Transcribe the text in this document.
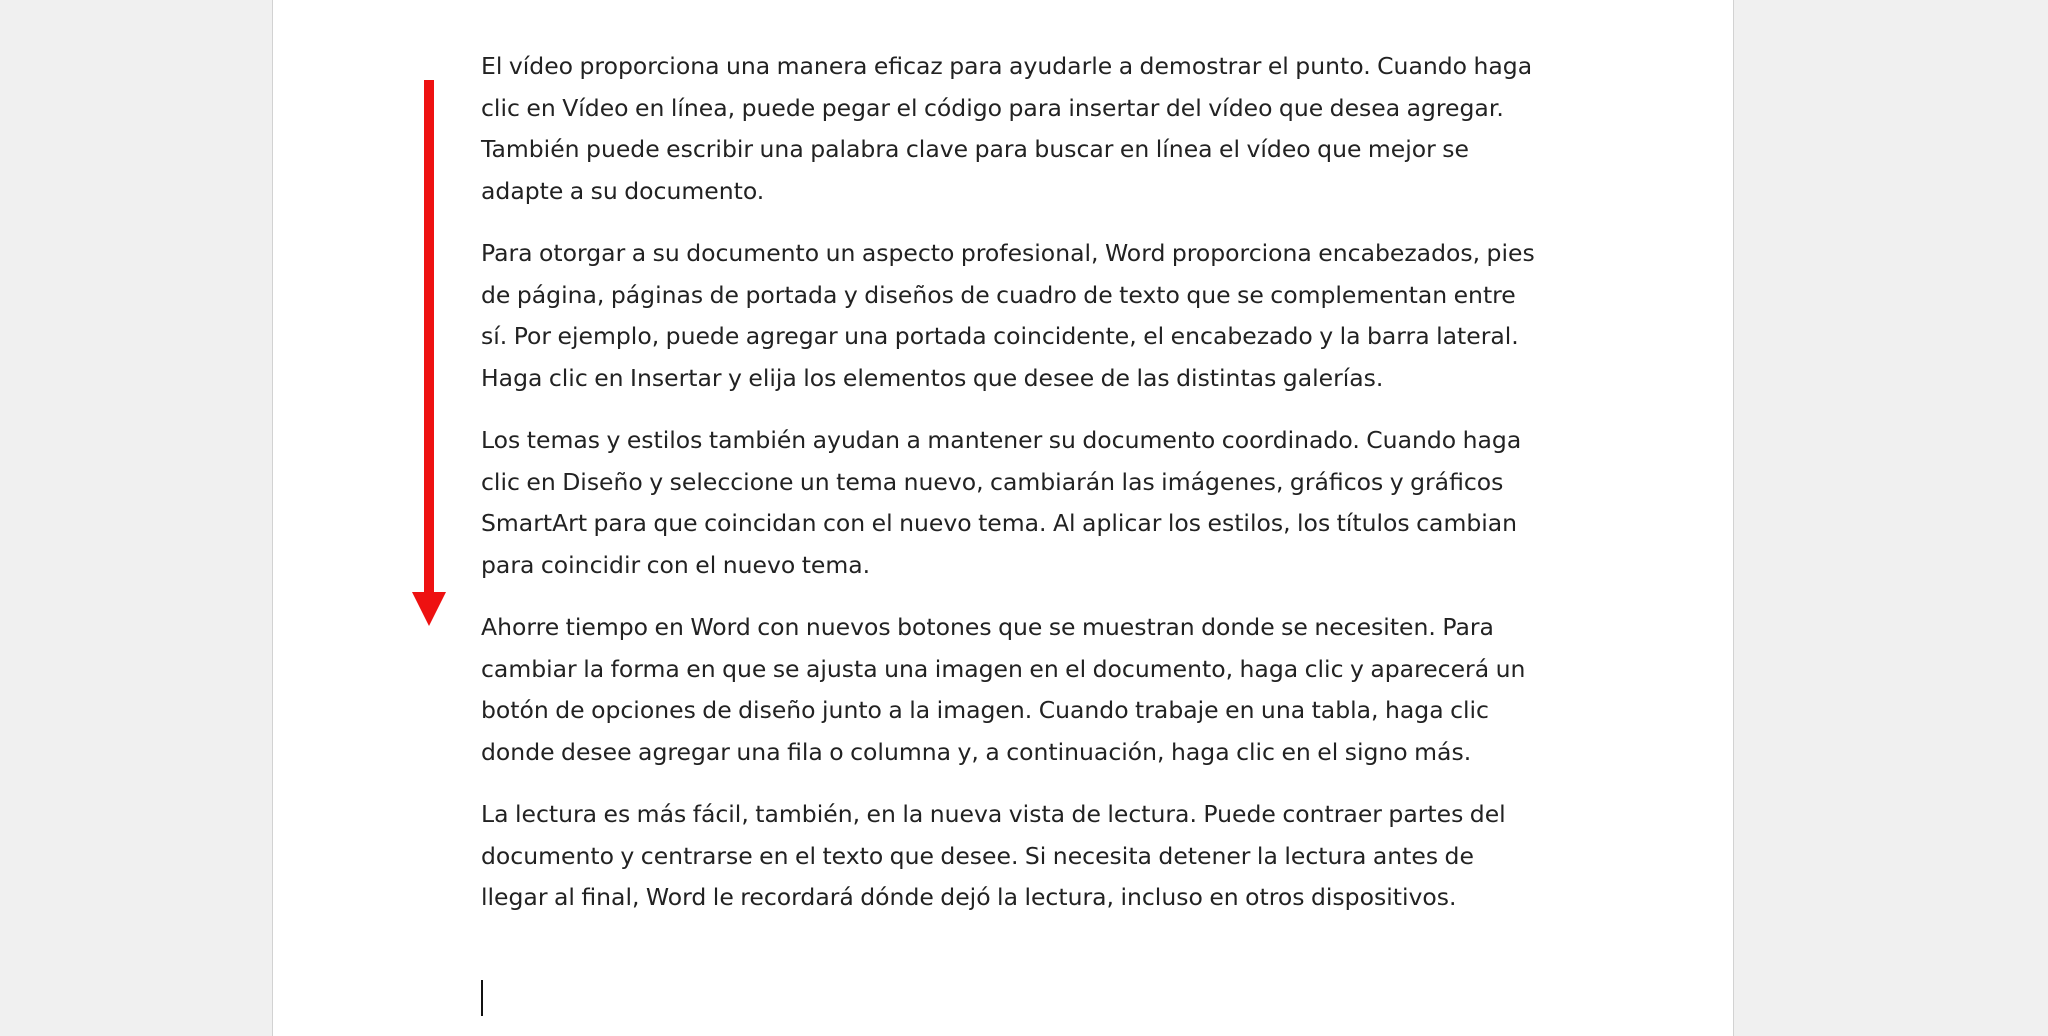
El vídeo proporciona una manera eficaz para ayudarle a demostrar el punto. Cuando haga clic en Vídeo en línea, puede pegar el código para insertar del vídeo que desea agregar. También puede escribir una palabra clave para buscar en línea el vídeo que mejor se adapte a su documento.

Para otorgar a su documento un aspecto profesional, Word proporciona encabezados, pies de página, páginas de portada y diseños de cuadro de texto que se complementan entre sí. Por ejemplo, puede agregar una portada coincidente, el encabezado y la barra lateral. Haga clic en Insertar y elija los elementos que desee de las distintas galerías.

Los temas y estilos también ayudan a mantener su documento coordinado. Cuando haga clic en Diseño y seleccione un tema nuevo, cambiarán las imágenes, gráficos y gráficos SmartArt para que coincidan con el nuevo tema. Al aplicar los estilos, los títulos cambian para coincidir con el nuevo tema.

Ahorre tiempo en Word con nuevos botones que se muestran donde se necesiten. Para cambiar la forma en que se ajusta una imagen en el documento, haga clic y aparecerá un botón de opciones de diseño junto a la imagen. Cuando trabaje en una tabla, haga clic donde desee agregar una fila o columna y, a continuación, haga clic en el signo más.

La lectura es más fácil, también, en la nueva vista de lectura. Puede contraer partes del documento y centrarse en el texto que desee. Si necesita detener la lectura antes de llegar al final, Word le recordará dónde dejó la lectura, incluso en otros dispositivos.
